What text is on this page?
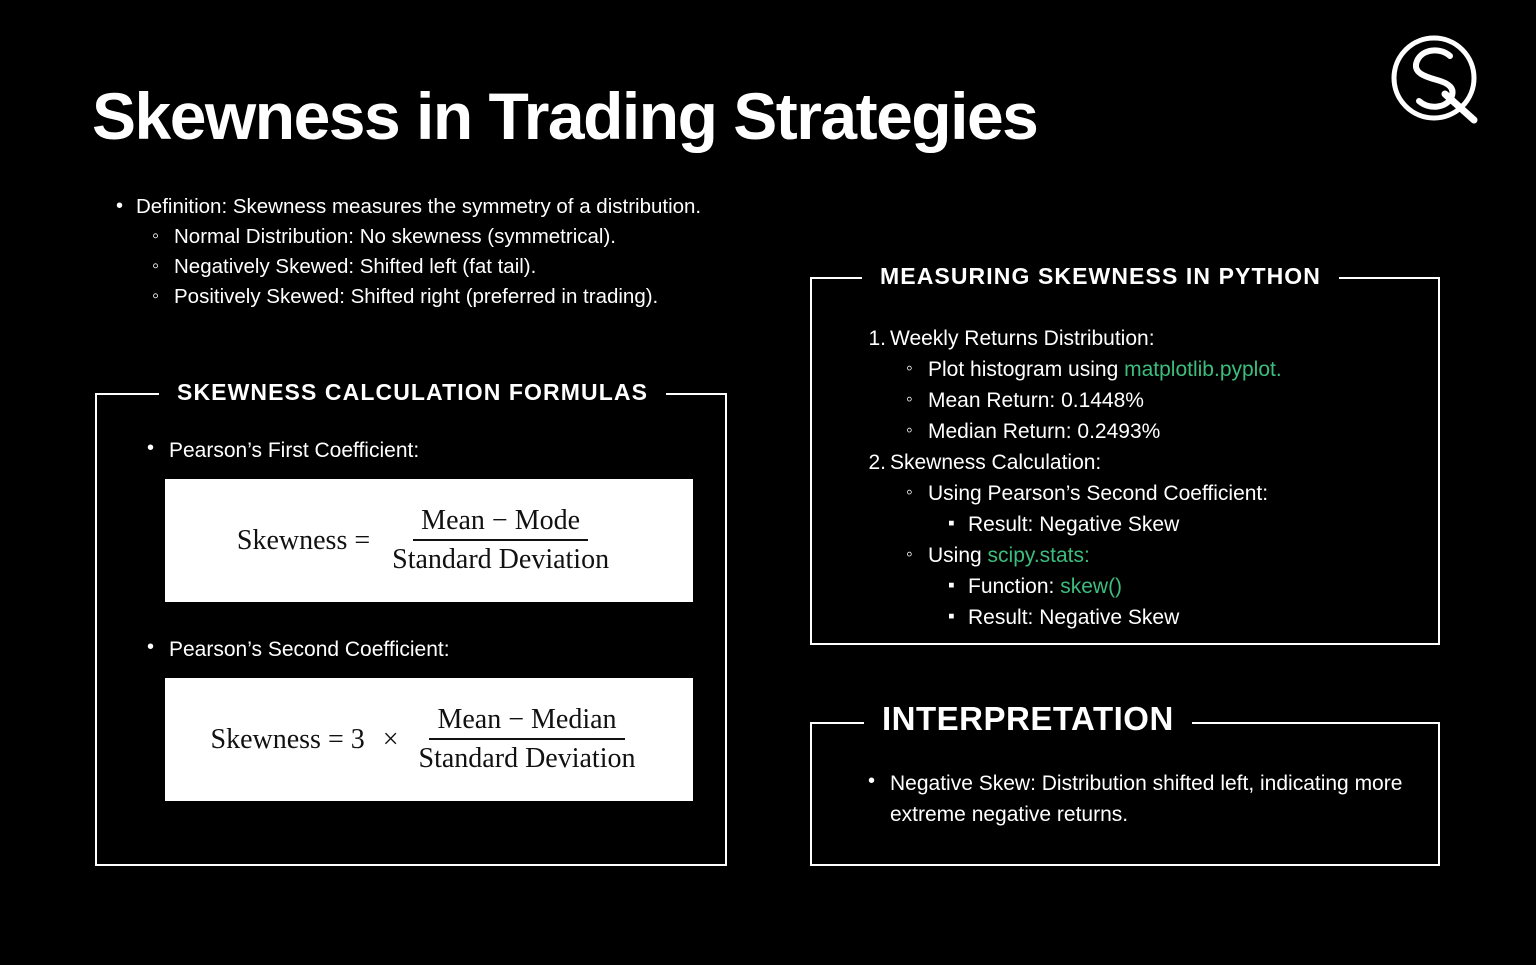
Skewness in Trading Strategies
• Definition: Skewness measures the symmetry of a distribution.
◦ Normal Distribution: No skewness (symmetrical).
◦ Negatively Skewed: Shifted left (fat tail).
◦ Positively Skewed: Shifted right (preferred in trading).
SKEWNESS CALCULATION FORMULAS
• Pearson’s First Coefficient:
Skewness = $\frac{\text{Mean − Mode}}{\text{Standard Deviation}}$
• Pearson’s Second Coefficient:
Skewness = $3 \times \frac{\text{Mean − Median}}{\text{Standard Deviation}}$
MEASURING SKEWNESS IN PYTHON
1. Weekly Returns Distribution:
◦ Plot histogram using matplotlib.pyplot.
◦ Mean Return: 0.1448%
◦ Median Return: 0.2493%
2. Skewness Calculation:
◦ Using Pearson’s Second Coefficient:
▪ Result: Negative Skew
◦ Using scipy.stats:
▪ Function: skew()
▪ Result: Negative Skew
INTERPRETATION
• Negative Skew: Distribution shifted left, indicating more extreme negative returns.
